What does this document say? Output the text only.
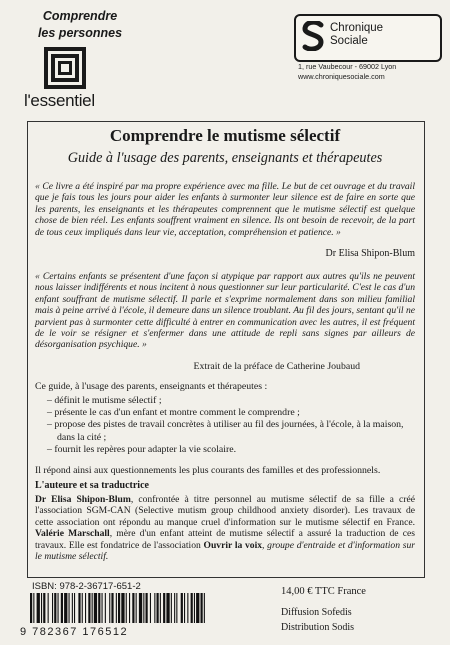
Comprendre
les personnes
l'essentiel
Chronique
Sociale
1, rue Vaubecour - 69002 Lyon
www.chroniquesociale.com
Comprendre le mutisme sélectif
Guide à l'usage des parents, enseignants et thérapeutes
« Ce livre a été inspiré par ma propre expérience avec ma fille. Le but de cet ouvrage et du travail que je fais tous les jours pour aider les enfants à surmonter leur silence est de faire en sorte que les parents, les enseignants et les thérapeutes comprennent que le mutisme sélectif est quelque chose de bien réel. Les enfants souffrent vraiment en silence. Ils ont besoin de recevoir, de la part de tous ceux impliqués dans leur vie, acceptation, compréhension et patience. »
Dr Elisa Shipon-Blum
« Certains enfants se présentent d'une façon si atypique par rapport aux autres qu'ils ne peuvent nous laisser indifférents et nous incitent à nous questionner sur leur particularité. C'est le cas d'un enfant souffrant de mutisme sélectif. Il parle et s'exprime normalement dans son milieu familial mais à peine arrivé à l'école, il demeure dans un silence troublant. Au fil des jours, sentant qu'il ne parvient pas à surmonter cette difficulté à entrer en communication avec les autres, il est fréquent de le voir se résigner et s'enfermer dans une attitude de repli sans signes par ailleurs de désorganisation psychique. »
Extrait de la préface de Catherine Joubaud
Ce guide, à l'usage des parents, enseignants et thérapeutes :
– définit le mutisme sélectif ;
– présente le cas d'un enfant et montre comment le comprendre ;
– propose des pistes de travail concrètes à utiliser au fil des journées, à l'école, à la maison, dans la cité ;
– fournit les repères pour adapter la vie scolaire.
Il répond ainsi aux questionnements les plus courants des familles et des professionnels.
L'auteure et sa traductrice
Dr Elisa Shipon-Blum, confrontée à titre personnel au mutisme sélectif de sa fille a créé l'association SGM-CAN (Selective mutism group childhood anxiety disorder). Les travaux de cette association ont répondu au manque cruel d'information sur le mutisme sélectif en France. Valérie Marschall, mère d'un enfant atteint de mutisme sélectif a assuré la traduction de ces travaux. Elle est fondatrice de l'association Ouvrir la voix, groupe d'entraide et d'information sur le mutisme sélectif.
ISBN: 978-2-36717-651-2
9 782367 176512
14,00 € TTC France
Diffusion Sofedis
Distribution Sodis
